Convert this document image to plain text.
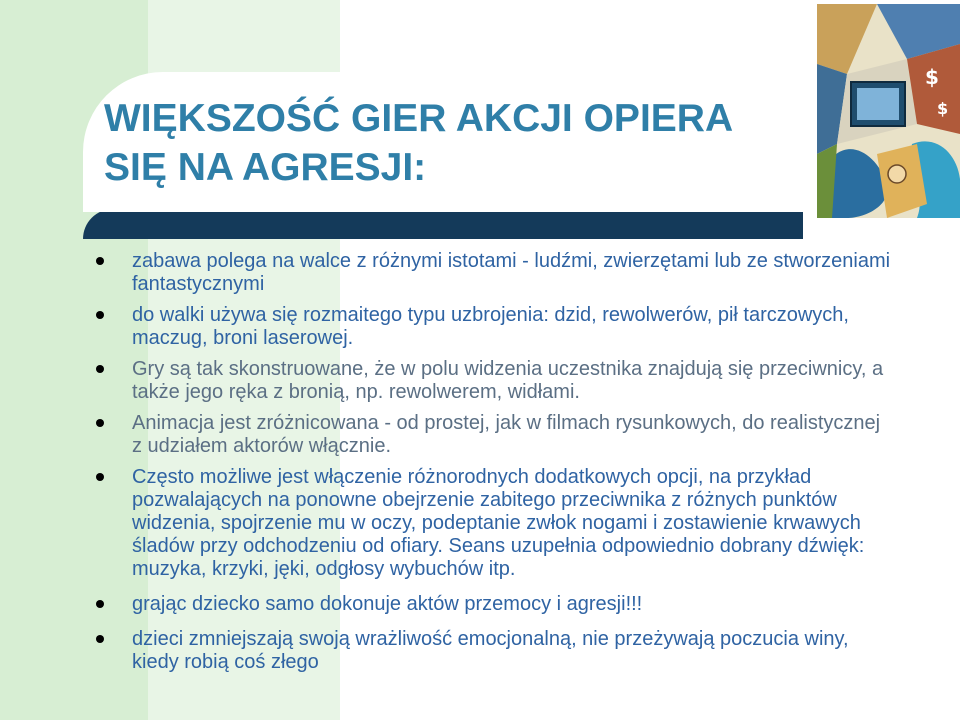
WIĘKSZOŚĆ GIER AKCJI OPIERA
SIĘ NA AGRESJI:
$
$
zabawa polega na walce z różnymi istotami - ludźmi, zwierzętami lub ze stworzeniami fantastycznymi
do walki używa się rozmaitego typu uzbrojenia: dzid, rewolwerów, pił tarczowych, maczug, broni laserowej.
Gry są tak skonstruowane, że w polu widzenia uczestnika znajdują się przeciwnicy, a także jego ręka z bronią, np. rewolwerem, widłami.
Animacja jest zróżnicowana - od prostej, jak w filmach rysunkowych, do realistycznej z udziałem aktorów włącznie.
Często możliwe jest włączenie różnorodnych dodatkowych opcji, na przykład pozwalających na ponowne obejrzenie zabitego przeciwnika z różnych punktów widzenia, spojrzenie mu w oczy, podeptanie zwłok nogami i zostawienie krwawych śladów przy odchodzeniu od ofiary. Seans uzupełnia odpowiednio dobrany dźwięk: muzyka, krzyki, jęki, odgłosy wybuchów itp.
grając dziecko samo dokonuje aktów przemocy i agresji!!!
dzieci zmniejszają swoją wrażliwość emocjonalną, nie przeżywają poczucia winy, kiedy robią coś złego
